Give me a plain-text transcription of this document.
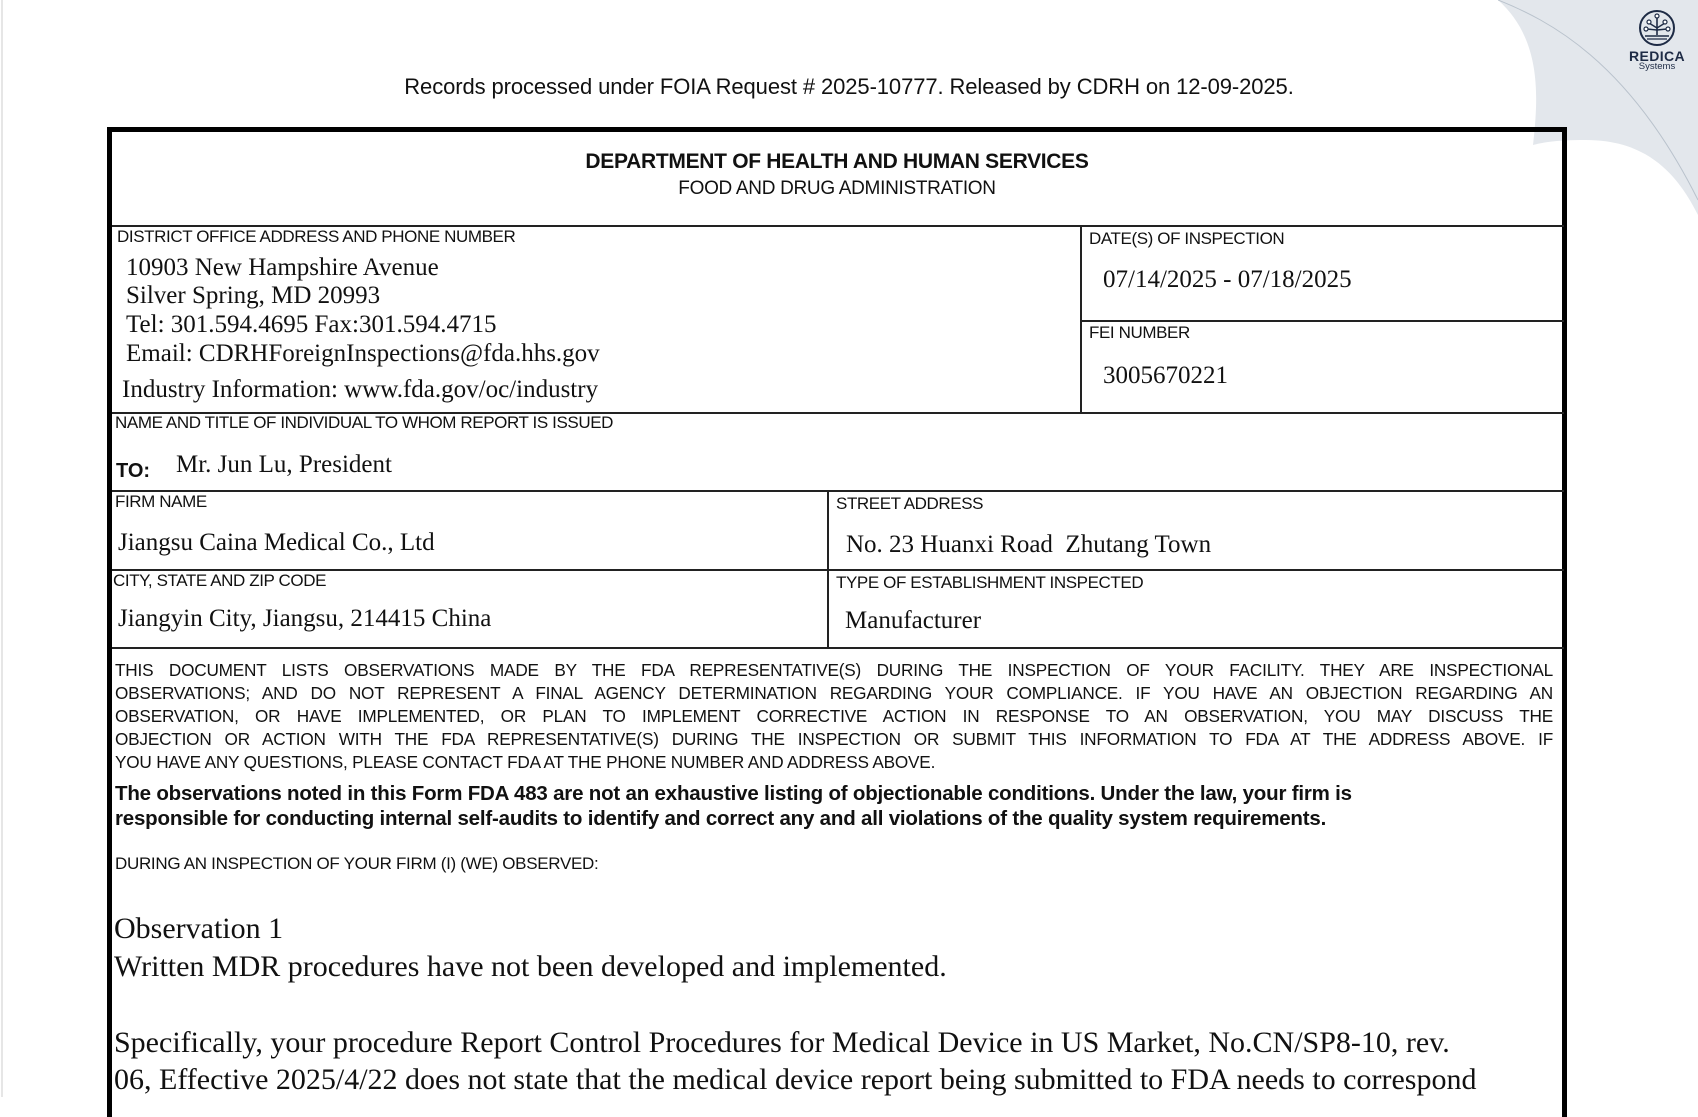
Records processed under FOIA Request # 2025-10777. Released by CDRH on 12-09-2025.
REDICA
Systems
DEPARTMENT OF HEALTH AND HUMAN SERVICES
FOOD AND DRUG ADMINISTRATION
DISTRICT OFFICE ADDRESS AND PHONE NUMBER
10903 New Hampshire Avenue
Silver Spring, MD 20993
Tel: 301.594.4695 Fax:301.594.4715
Email: CDRHForeignInspections@fda.hhs.gov
Industry Information: www.fda.gov/oc/industry
DATE(S) OF INSPECTION
07/14/2025 - 07/18/2025
FEI NUMBER
3005670221
NAME AND TITLE OF INDIVIDUAL TO WHOM REPORT IS ISSUED
TO: Mr. Jun Lu, President
FIRM NAME
Jiangsu Caina Medical Co., Ltd
STREET ADDRESS
No. 23 Huanxi Road  Zhutang Town
CITY, STATE AND ZIP CODE
Jiangyin City, Jiangsu, 214415 China
TYPE OF ESTABLISHMENT INSPECTED
Manufacturer
THIS DOCUMENT LISTS OBSERVATIONS MADE BY THE FDA REPRESENTATIVE(S) DURING THE INSPECTION OF YOUR FACILITY. THEY ARE INSPECTIONAL
OBSERVATIONS; AND DO NOT REPRESENT A FINAL AGENCY DETERMINATION REGARDING YOUR COMPLIANCE. IF YOU HAVE AN OBJECTION REGARDING AN
OBSERVATION, OR HAVE IMPLEMENTED, OR PLAN TO IMPLEMENT CORRECTIVE ACTION IN RESPONSE TO AN OBSERVATION, YOU MAY DISCUSS THE
OBJECTION OR ACTION WITH THE FDA REPRESENTATIVE(S) DURING THE INSPECTION OR SUBMIT THIS INFORMATION TO FDA AT THE ADDRESS ABOVE. IF
YOU HAVE ANY QUESTIONS, PLEASE CONTACT FDA AT THE PHONE NUMBER AND ADDRESS ABOVE.
The observations noted in this Form FDA 483 are not an exhaustive listing of objectionable conditions. Under the law, your firm is
responsible for conducting internal self-audits to identify and correct any and all violations of the quality system requirements.
DURING AN INSPECTION OF YOUR FIRM (I) (WE) OBSERVED:
Observation 1
Written MDR procedures have not been developed and implemented.
Specifically, your procedure Report Control Procedures for Medical Device in US Market, No.CN/SP8-10, rev.
06, Effective 2025/4/22 does not state that the medical device report being submitted to FDA needs to correspond
